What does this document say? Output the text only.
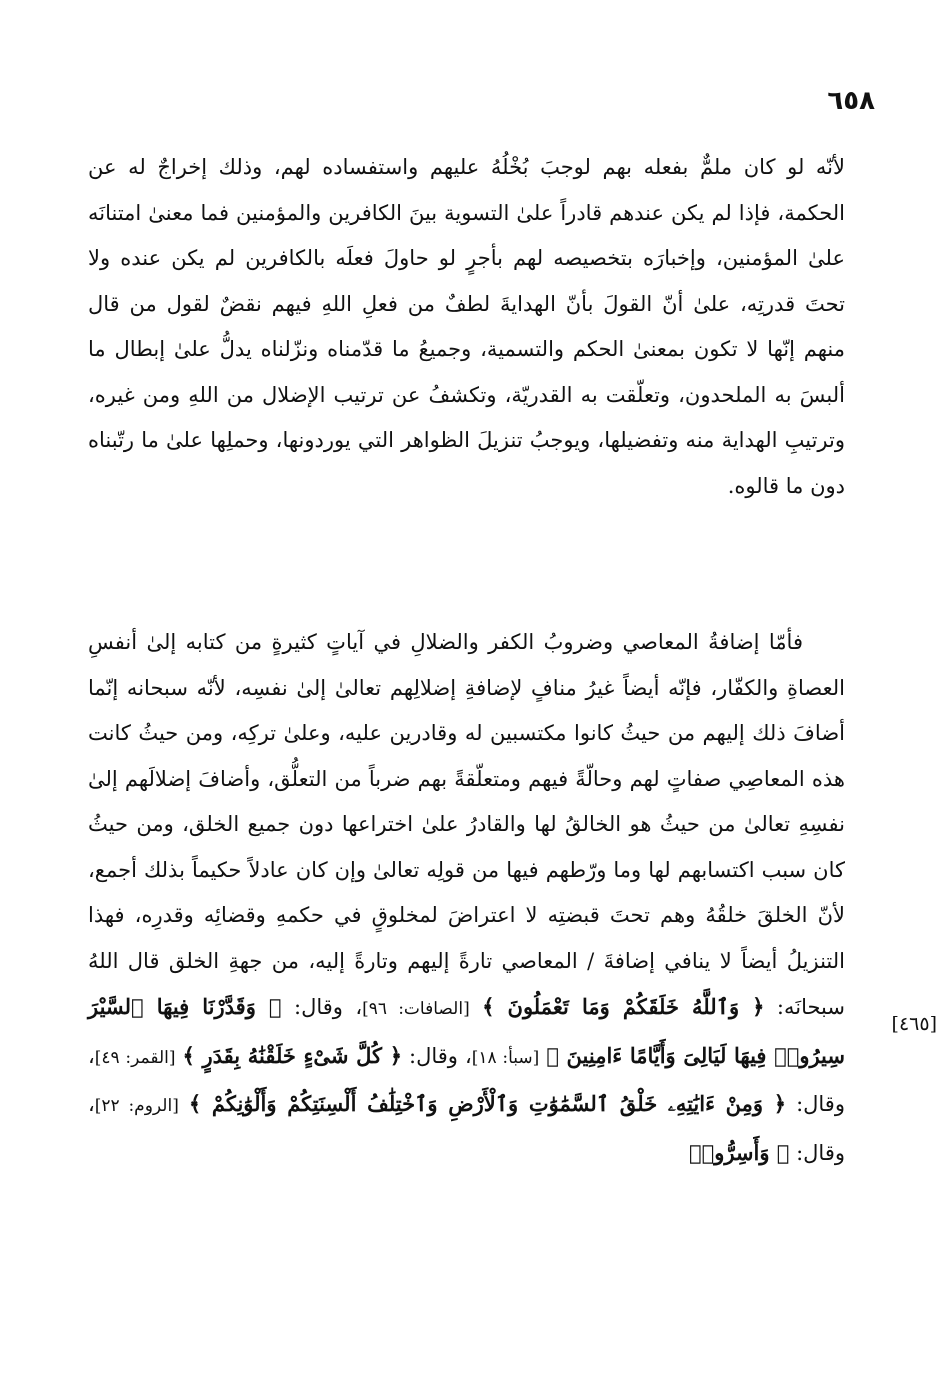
٦٥٨

لأنّه لو كان ملمٌّ بفعله بهم لوجبَ بُخْلُهُ عليهم واستفساده لهم، وذلك إخراجٌ له عن الحكمة، فإذا لم يكن عندهم قادراً علىٰ التسوية بينَ الكافرين والمؤمنين فما معنىٰ امتنانَه علىٰ المؤمنين، وإخبارَه بتخصيصه لهم بأجرٍ لو حاولَ فعلَه بالكافرين لم يكن عنده ولا تحتَ قدرتِه، علىٰ أنّ القولَ بأنّ الهدايةَ لطفٌ من فعلِ اللهِ فيهم نقضٌ لقول من قال منهم إنّها لا تكون بمعنىٰ الحكم والتسمية، وجميعُ ما قدّمناه ونزّلناه يدلُّ علىٰ إبطال ما ألبسَ به الملحدون، وتعلّقت به القدريّة، وتكشفُ عن ترتيب الإضلال من اللهِ ومن غيره، وترتيبِ الهداية منه وتفضيلها، ويوجبُ تنزيلَ الظواهر التي يوردونها، وحملِها علىٰ ما رتّبناه دون ما قالوه.

فأمّا إضافةُ المعاصي وضروبُ الكفر والضلالِ في آياتٍ كثيرةٍ من كتابه إلىٰ أنفسِ العصاةِ والكفّار، فإنّه أيضاً غيرُ منافٍ لإضافةِ إضلالِهم تعالىٰ إلىٰ نفسِه، لأنّه سبحانه إنّما أضافَ ذلك إليهم من حيثُ كانوا مكتسبين له وقادرين عليه، وعلىٰ تركِه، ومن حيثُ كانت هذه المعاصِي صفاتٍ لهم وحالّةً فيهم ومتعلّقةً بهم ضرباً من التعلُّق، وأضافَ إضلالَهم إلىٰ نفسِهِ تعالىٰ من حيثُ هو الخالقُ لها والقادرُ علىٰ اختراعها دون جميع الخلق، ومن حيثُ كان سبب اكتسابهم لها وما ورّطهم فيها من قولِه تعالىٰ وإن كان عادلاً حكيماً بذلك أجمع، لأنّ الخلقَ خلقُهُ وهم تحتَ قبضتِه لا اعتراضَ لمخلوقٍ في حكمهِ وقضائِه وقدرِه، فهذا التنزيلُ أيضاً لا ينافي إضافةَ / المعاصي تارةً إليهم وتارةً إليه، من جهةِ الخلق قال اللهُ سبحانَه: ﴿ وَٱللَّهُ خَلَقَكُمْ وَمَا تَعْمَلُونَ ﴾ [الصافات: ٩٦]، وقال: ﴿ وَقَدَّرْنَا فِيهَا ٱلسَّيْرَ سِيرُوا۟ فِيهَا لَيَالِىَ وَأَيَّامًا ءَامِنِينَ ﴾ [سبأ: ١٨]، وقال: ﴿ كُلَّ شَىْءٍ خَلَقْنَٰهُ بِقَدَرٍ ﴾ [القمر: ٤٩]، وقال: ﴿ وَمِنْ ءَايَٰتِهِۦ خَلْقُ ٱلسَّمَٰوَٰتِ وَٱلْأَرْضِ وَٱخْتِلَٰفُ أَلْسِنَتِكُمْ وَأَلْوَٰنِكُمْ ﴾ [الروم: ٢٢]، وقال: ﴿ وَأَسِرُّوا۟

[٤٦٥]
